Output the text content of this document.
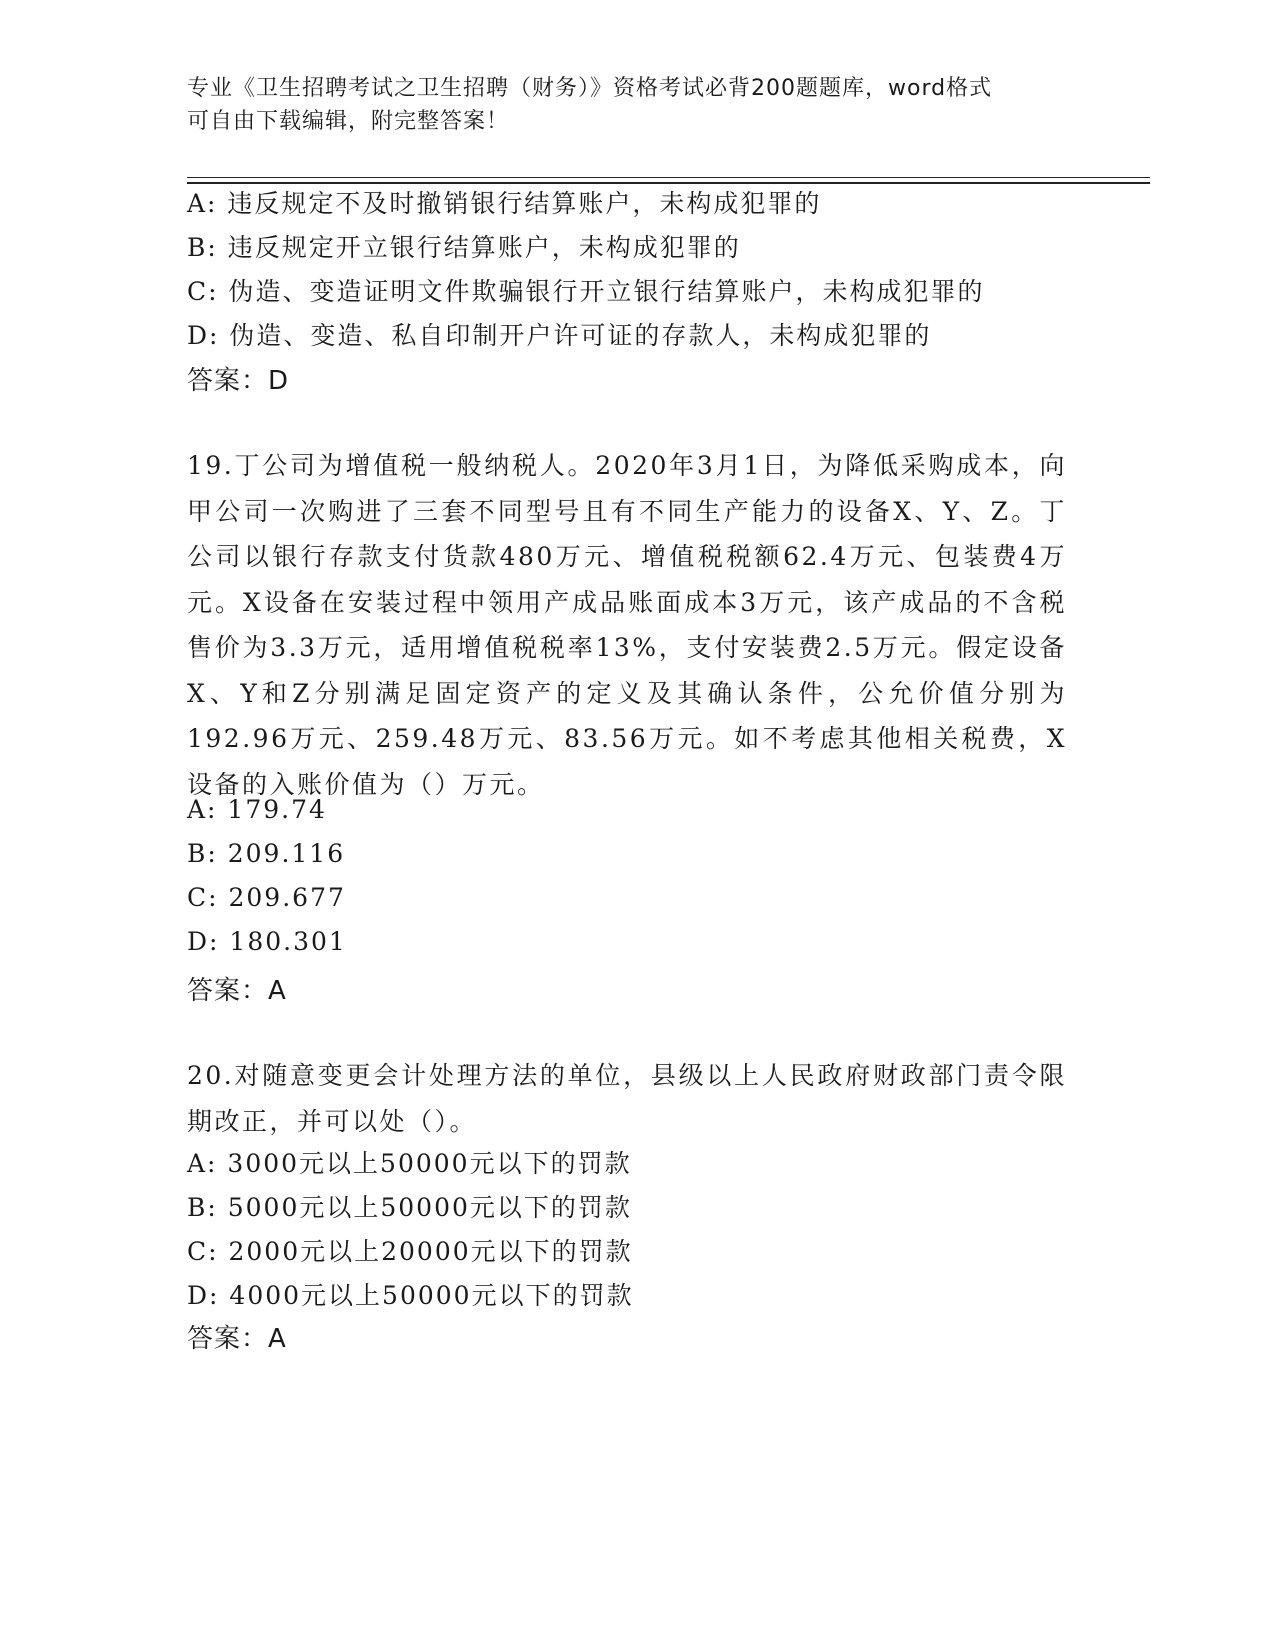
专业《卫生招聘考试之卫生招聘（财务）》资格考试必背200题题库，word格式
可自由下载编辑，附完整答案！
A: 违反规定不及时撤销银行结算账户，未构成犯罪的
B: 违反规定开立银行结算账户，未构成犯罪的
C: 伪造、变造证明文件欺骗银行开立银行结算账户，未构成犯罪的
D: 伪造、变造、私自印制开户许可证的存款人，未构成犯罪的
答案：D
19.丁公司为增值税一般纳税人。2020年3月1日，为降低采购成本，向甲公司一次购进了三套不同型号且有不同生产能力的设备X、Y、Z。丁公司以银行存款支付货款480万元、增值税税额62.4万元、包装费4万元。X设备在安装过程中领用产成品账面成本3万元，该产成品的不含税售价为3.3万元，适用增值税税率13%，支付安装费2.5万元。假定设备X、Y和Z分别满足固定资产的定义及其确认条件，公允价值分别为192.96万元、259.48万元、83.56万元。如不考虑其他相关税费，X设备的入账价值为（）万元。
A: 179.74
B: 209.116
C: 209.677
D: 180.301
答案：A
20.对随意变更会计处理方法的单位，县级以上人民政府财政部门责令限期改正，并可以处（）。
A: 3000元以上50000元以下的罚款
B: 5000元以上50000元以下的罚款
C: 2000元以上20000元以下的罚款
D: 4000元以上50000元以下的罚款
答案：A
